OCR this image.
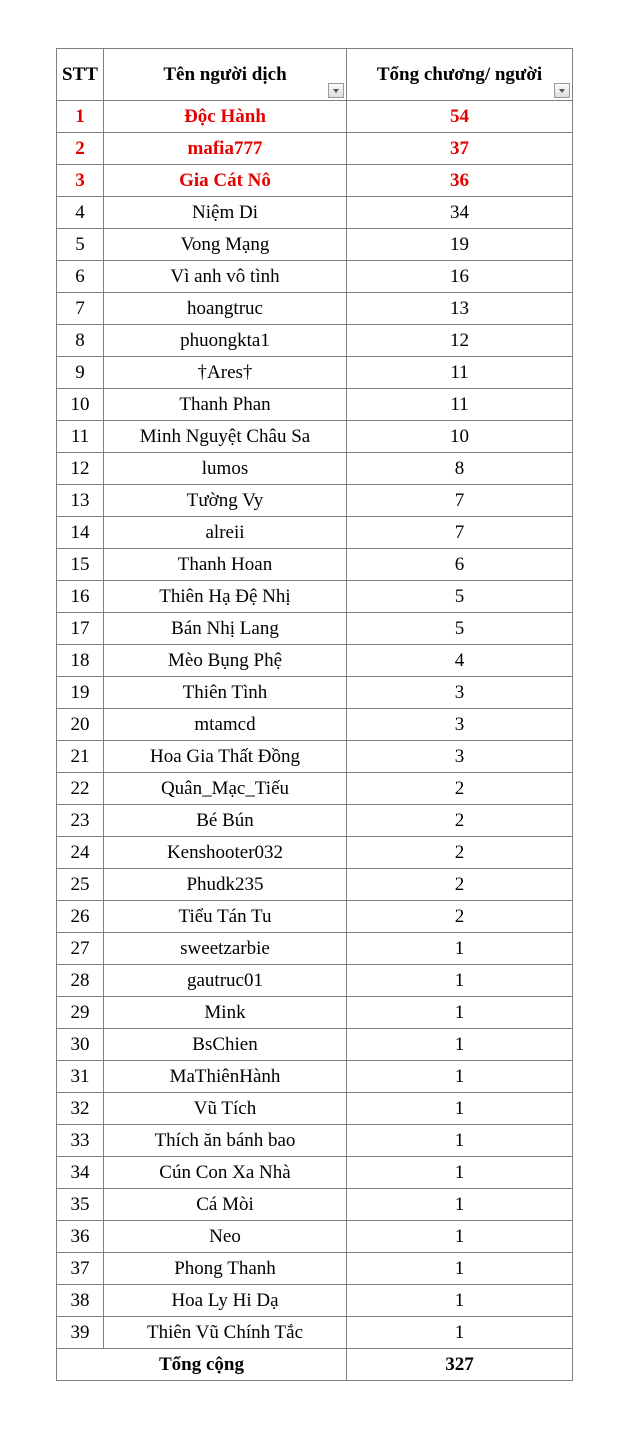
STT	Tên người dịch	Tổng chương/ người

1	Độc Hành	54
2	mafia777	37
3	Gia Cát Nô	36
4	Niệm Di	34
5	Vong Mạng	19
6	Vì anh vô tình	16
7	hoangtruc	13
8	phuongkta1	12
9	†Ares†	11
10	Thanh Phan	11
11	Minh Nguyệt Châu Sa	10
12	lumos	8
13	Tường Vy	7
14	alreii	7
15	Thanh Hoan	6
16	Thiên Hạ Đệ Nhị	5
17	Bán Nhị Lang	5
18	Mèo Bụng Phệ	4
19	Thiên Tình	3
20	mtamcd	3
21	Hoa Gia Thất Đồng	3
22	Quân_Mạc_Tiếu	2
23	Bé Bún	2
24	Kenshooter032	2
25	Phudk235	2
26	Tiểu Tán Tu	2
27	sweetzarbie	1
28	gautruc01	1
29	Mink	1
30	BsChien	1
31	MaThiênHành	1
32	Vũ Tích	1
33	Thích ăn bánh bao	1
34	Cún Con Xa Nhà	1
35	Cá Mòi	1
36	Neo	1
37	Phong Thanh	1
38	Hoa Ly Hi Dạ	1
39	Thiên Vũ Chính Tắc	1
Tổng cộng		327
